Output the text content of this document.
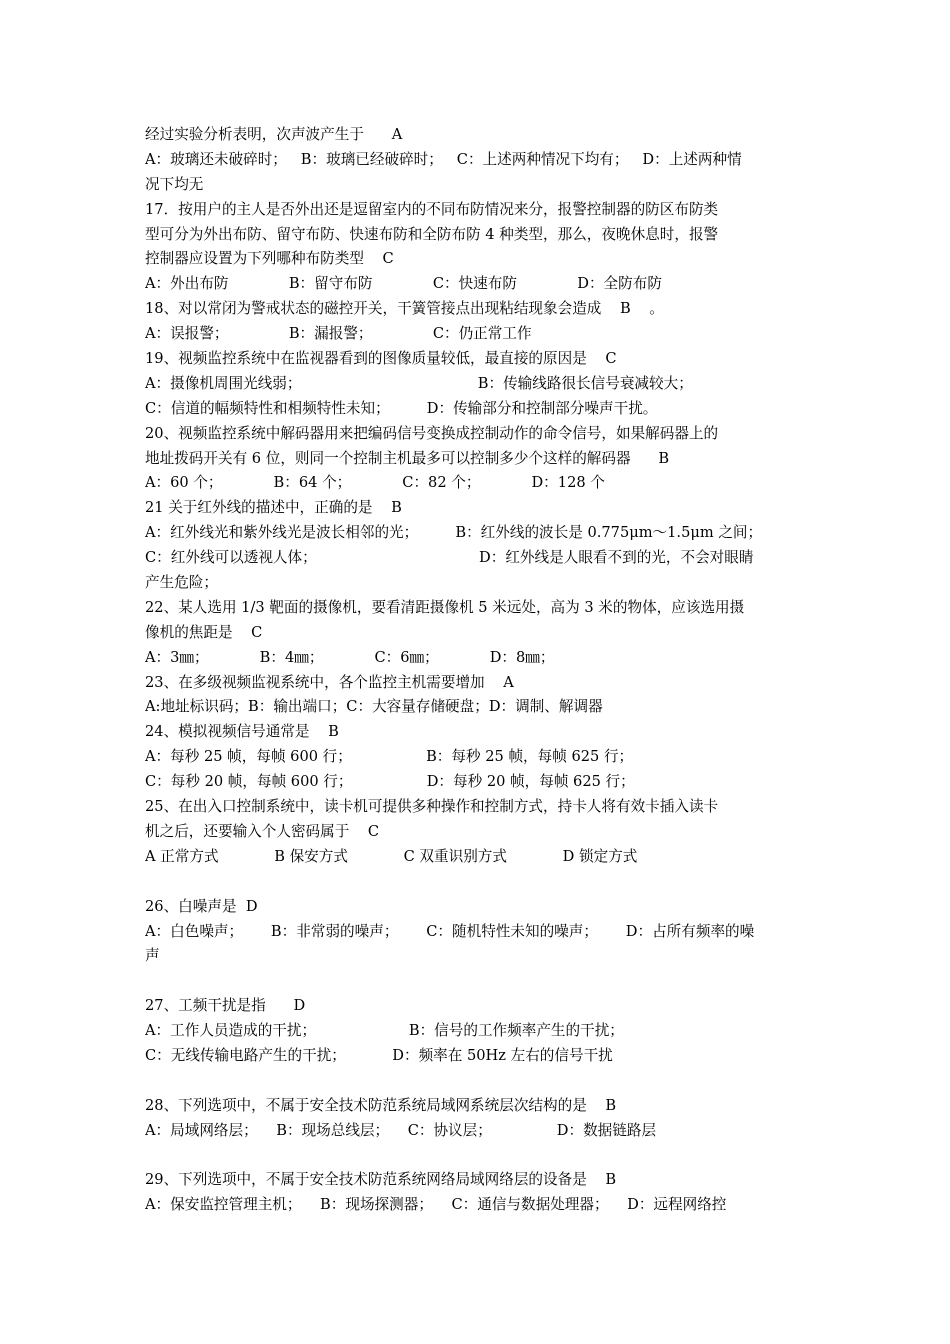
经过实验分析表明，次声波产生于      A
A：玻璃还未破碎时；   B：玻璃已经破碎时；   C：上述两种情况下均有；   D：上述两种情
况下均无
17．按用户的主人是否外出还是逗留室内的不同布防情况来分，报警控制器的防区布防类
型可分为外出布防、留守布防、快速布防和全防布防 4 种类型，那么，夜晚休息时，报警
控制器应设置为下列哪种布防类型    C
A：外出布防             B：留守布防             C：快速布防             D：全防布防
18、对以常闭为警戒状态的磁控开关，干簧管接点出现粘结现象会造成    B    。
A：误报警；             B：漏报警；             C：仍正常工作
19、视频监控系统中在监视器看到的图像质量较低，最直接的原因是    C
A：摄像机周围光线弱；                                      B：传输线路很长信号衰减较大；
C：信道的幅频特性和相频特性未知；        D：传输部分和控制部分噪声干扰。
20、视频监控系统中解码器用来把编码信号变换成控制动作的命令信号，如果解码器上的
地址拨码开关有 6 位，则同一个控制主机最多可以控制多少个这样的解码器      B
A：60 个；           B：64 个；           C：82 个；           D：128 个
21 关于红外线的描述中，正确的是    B
A：红外线光和紫外线光是波长相邻的光；        B：红外线的波长是 0.775μm～1.5μm 之间；
C：红外线可以透视人体；                                   D：红外线是人眼看不到的光，不会对眼睛
产生危险；
22、某人选用 1/3 靶面的摄像机，要看清距摄像机 5 米远处，高为 3 米的物体，应该选用摄
像机的焦距是    C
A：3㎜；           B：4㎜；           C：6㎜；           D：8㎜；
23、在多级视频监视系统中，各个监控主机需要增加    A
A:地址标识码；B：输出端口；C：大容量存储硬盘；D：调制、解调器
24、模拟视频信号通常是    B
A：每秒 25 帧，每帧 600 行；                B：每秒 25 帧，每帧 625 行；
C：每秒 20 帧，每帧 600 行；                D：每秒 20 帧，每帧 625 行；
25、在出入口控制系统中，读卡机可提供多种操作和控制方式，持卡人将有效卡插入读卡
机之后，还要输入个人密码属于    C
A 正常方式            B 保安方式            C 双重识别方式            D 锁定方式
26、白噪声是  D
A：白色噪声；      B：非常弱的噪声；      C：随机特性未知的噪声；      D：占所有频率的噪
声
27、工频干扰是指      D
A：工作人员造成的干扰；                    B：信号的工作频率产生的干扰；
C：无线传输电路产生的干扰；          D：频率在 50Hz 左右的信号干扰
28、下列选项中，不属于安全技术防范系统局域网系统层次结构的是    B
A：局域网络层；    B：现场总线层；    C：协议层；              D：数据链路层
29、下列选项中，不属于安全技术防范系统网络局域网络层的设备是    B
A：保安监控管理主机；    B：现场探测器；    C：通信与数据处理器；    D：远程网络控
